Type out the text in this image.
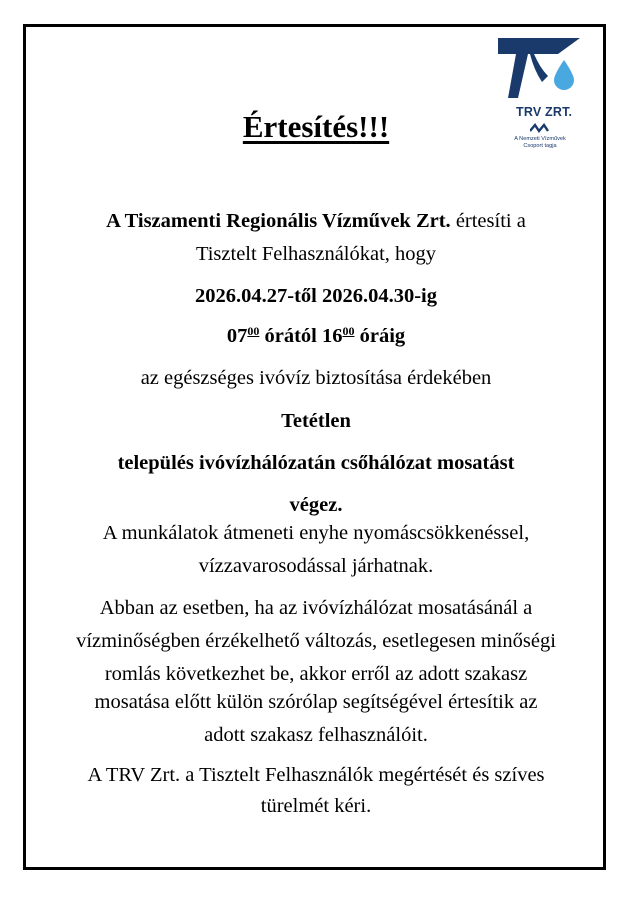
TRV ZRT.
A Nemzeti Vízművek
Csoport tagja
Értesítés!!!
A Tiszamenti Regionális Vízművek Zrt. értesíti a
Tisztelt Felhasználókat, hogy
2026.04.27-től 2026.04.30-ig
$07^{00}$ órától $16^{00}$ óráig
az egészséges ivóvíz biztosítása érdekében
Tetétlen
település ivóvízhálózatán csőhálózat mosatást
végez.
A munkálatok átmeneti enyhe nyomáscsökkenéssel,
vízzavarosodással járhatnak.
Abban az esetben, ha az ivóvízhálózat mosatásánál a
vízminőségben érzékelhető változás, esetlegesen minőségi
romlás következhet be, akkor erről az adott szakasz
mosatása előtt külön szórólap segítségével értesítik az
adott szakasz felhasználóit.
A TRV Zrt. a Tisztelt Felhasználók megértését és szíves
türelmét kéri.
